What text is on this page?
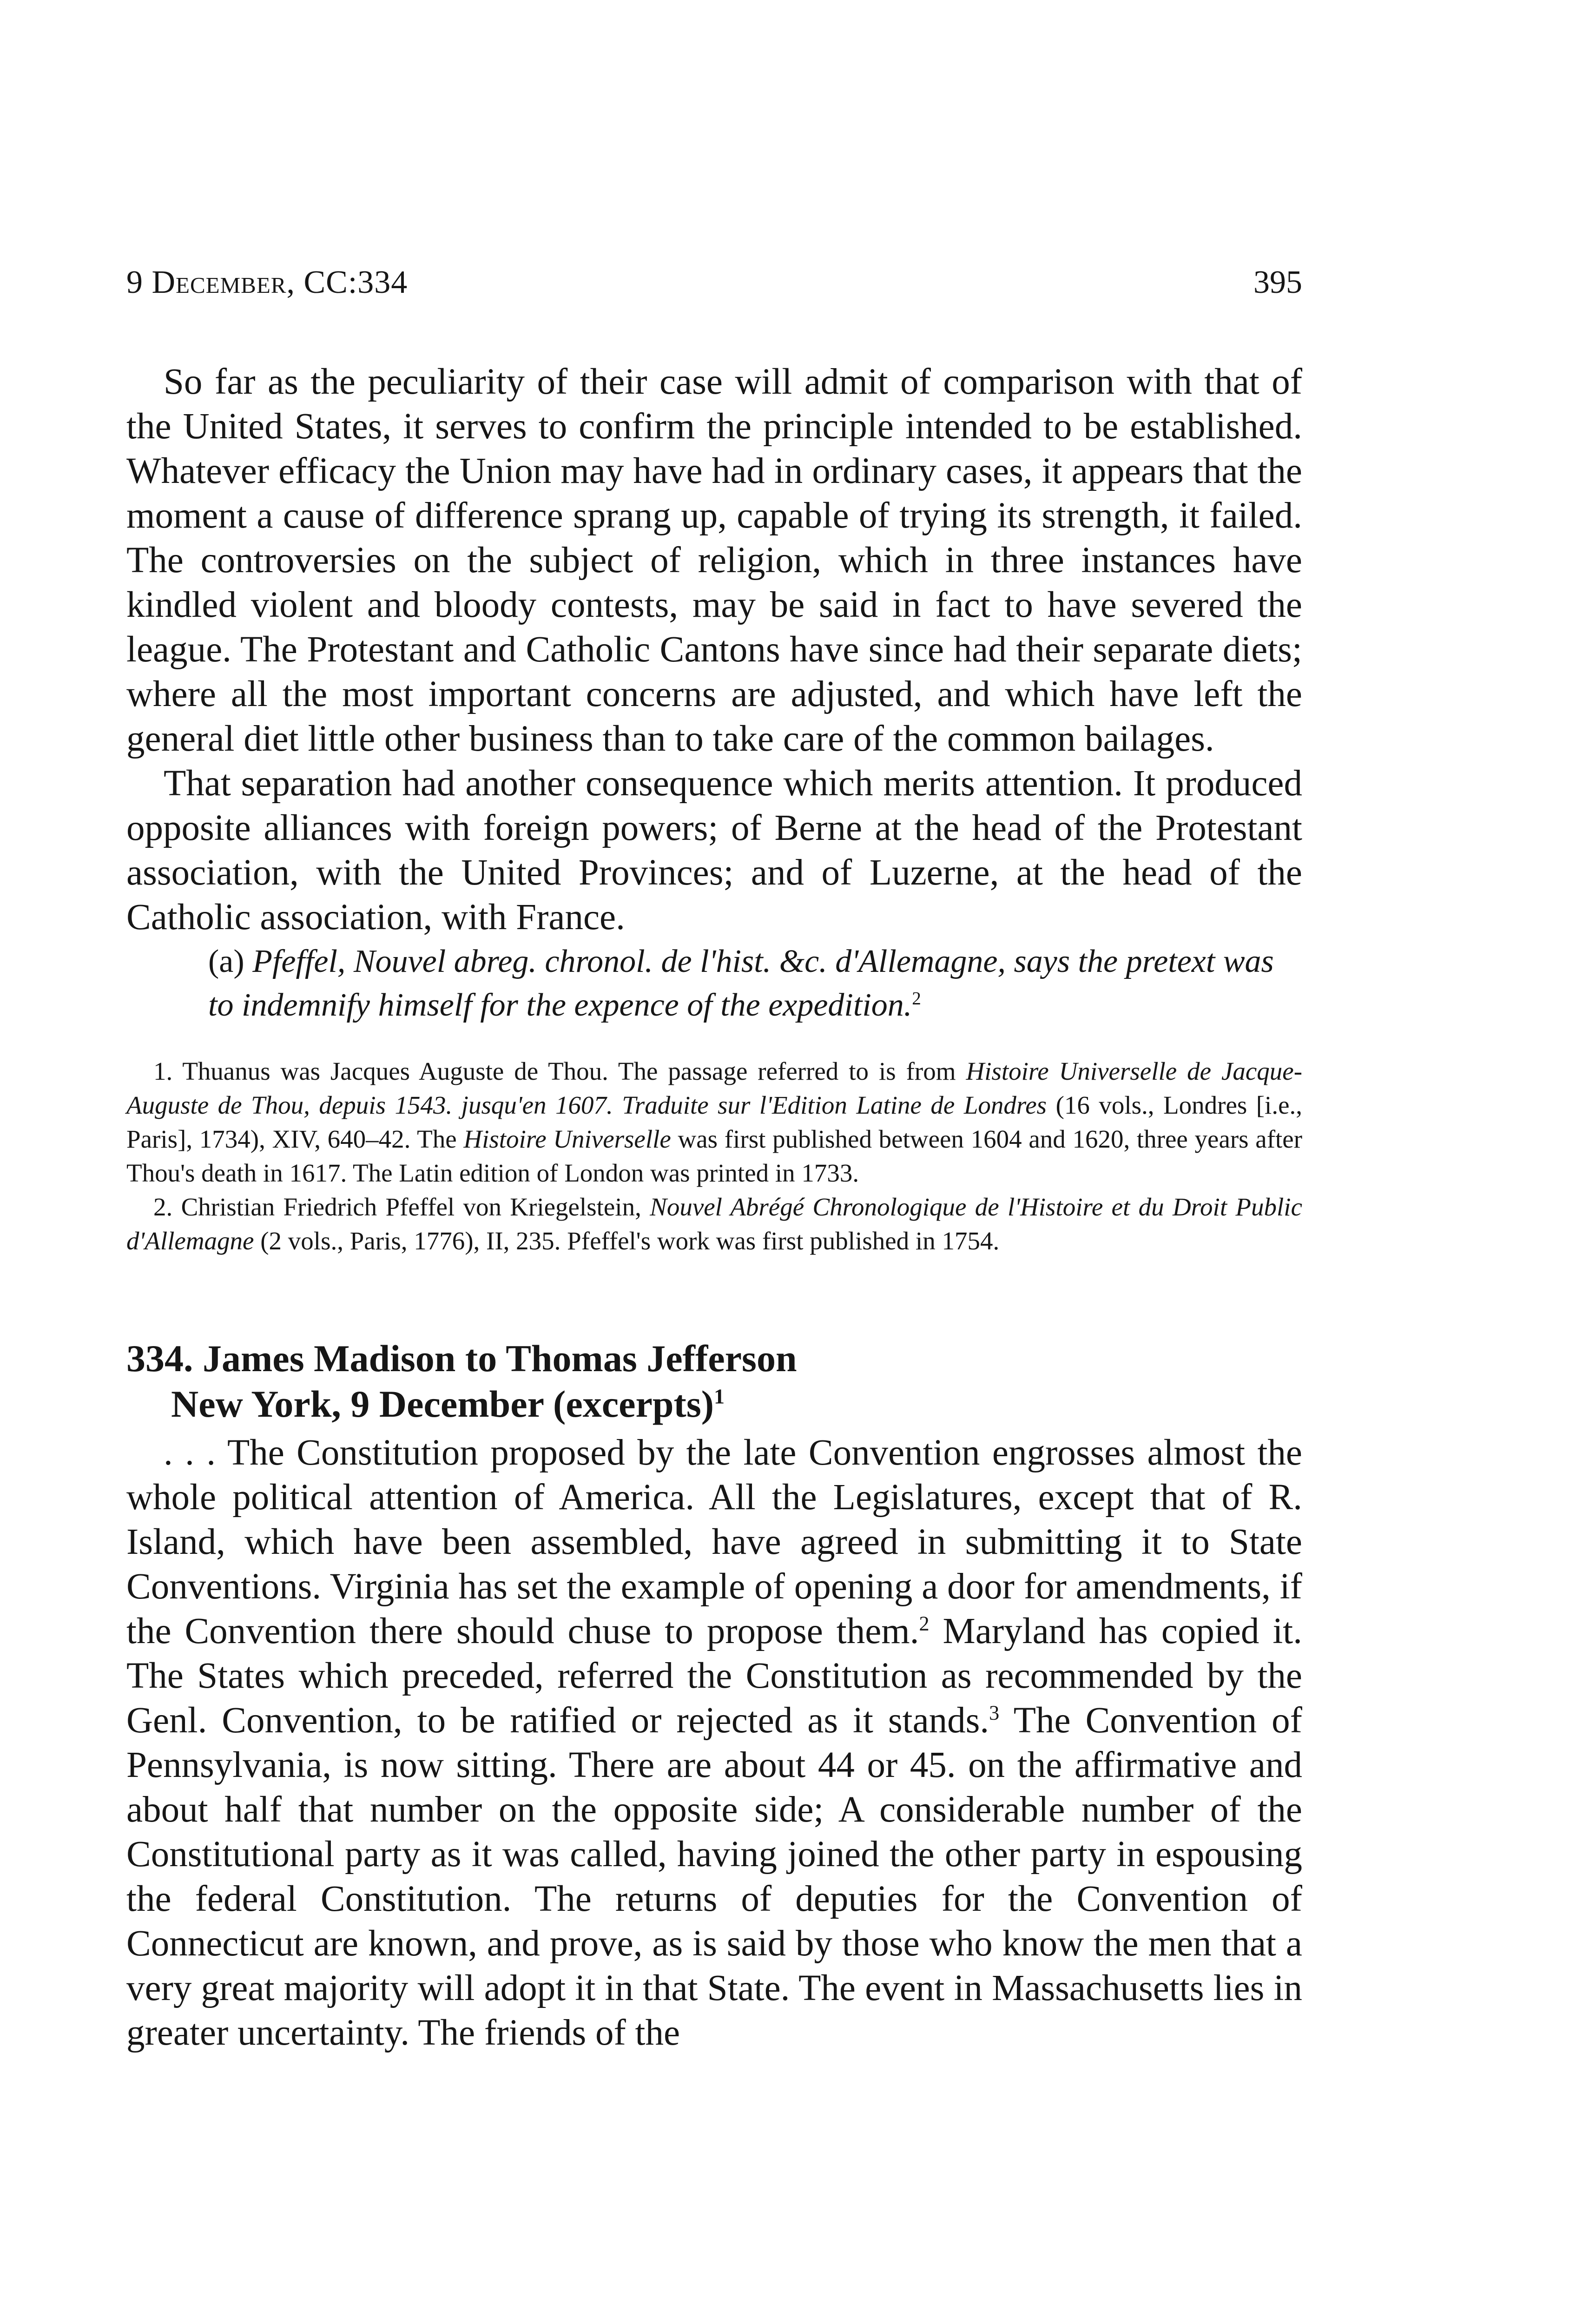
9 December, CC:334	395

So far as the peculiarity of their case will admit of comparison with that of the United States, it serves to confirm the principle intended to be established. Whatever efficacy the Union may have had in ordinary cases, it appears that the moment a cause of difference sprang up, capable of trying its strength, it failed. The controversies on the subject of religion, which in three instances have kindled violent and bloody contests, may be said in fact to have severed the league. The Protestant and Catholic Cantons have since had their separate diets; where all the most important concerns are adjusted, and which have left the general diet little other business than to take care of the common bailages.

That separation had another consequence which merits attention. It produced opposite alliances with foreign powers; of Berne at the head of the Protestant association, with the United Provinces; and of Luzerne, at the head of the Catholic association, with France.

(a) Pfeffel, Nouvel abreg. chronol. de l'hist. &c. d'Allemagne, says the pretext was to indemnify himself for the expence of the expedition.$^2$

1. Thuanus was Jacques Auguste de Thou. The passage referred to is from Histoire Universelle de Jacque-Auguste de Thou, depuis 1543. jusqu'en 1607. Traduite sur l'Edition Latine de Londres (16 vols., Londres [i.e., Paris], 1734), XIV, 640–42. The Histoire Universelle was first published between 1604 and 1620, three years after Thou's death in 1617. The Latin edition of London was printed in 1733.

2. Christian Friedrich Pfeffel von Kriegelstein, Nouvel Abrégé Chronologique de l'Histoire et du Droit Public d'Allemagne (2 vols., Paris, 1776), II, 235. Pfeffel's work was first published in 1754.

334. James Madison to Thomas Jefferson
New York, 9 December (excerpts)$^1$

. . . The Constitution proposed by the late Convention engrosses almost the whole political attention of America. All the Legislatures, except that of R. Island, which have been assembled, have agreed in submitting it to State Conventions. Virginia has set the example of opening a door for amendments, if the Convention there should chuse to propose them.$^2$ Maryland has copied it. The States which preceded, referred the Constitution as recommended by the Genl. Convention, to be ratified or rejected as it stands.$^3$ The Convention of Pennsylvania, is now sitting. There are about 44 or 45. on the affirmative and about half that number on the opposite side; A considerable number of the Constitutional party as it was called, having joined the other party in espousing the federal Constitution. The returns of deputies for the Convention of Connecticut are known, and prove, as is said by those who know the men that a very great majority will adopt it in that State. The event in Massachusetts lies in greater uncertainty. The friends of the
